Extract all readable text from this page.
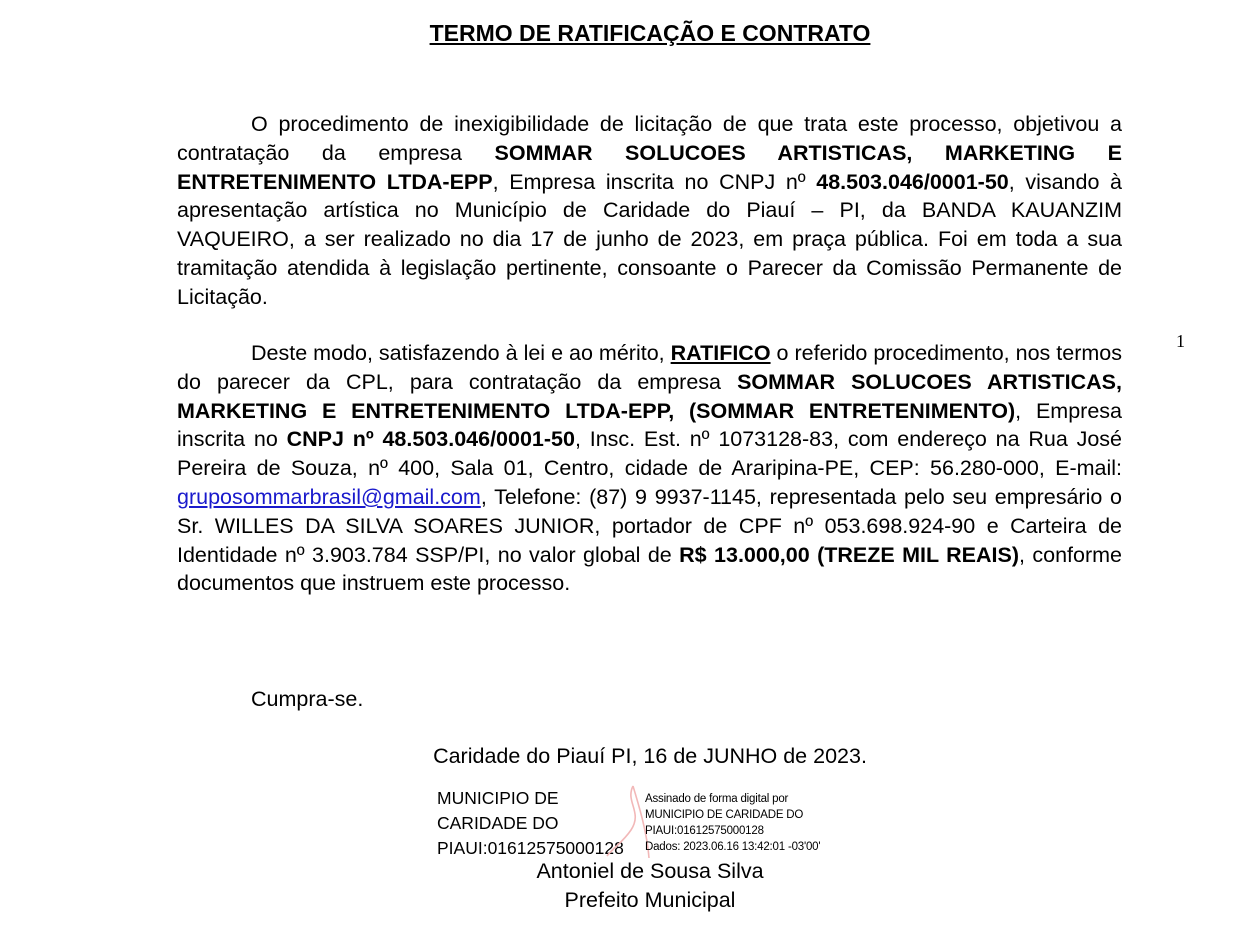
TERMO DE RATIFICAÇÃO E CONTRATO

O procedimento de inexigibilidade de licitação de que trata este processo, objetivou a contratação da empresa SOMMAR SOLUCOES ARTISTICAS, MARKETING E ENTRETENIMENTO LTDA-EPP, Empresa inscrita no CNPJ nº 48.503.046/0001-50, visando à apresentação artística no Município de Caridade do Piauí – PI, da BANDA KAUANZIM VAQUEIRO, a ser realizado no dia 17 de junho de 2023, em praça pública. Foi em toda a sua tramitação atendida à legislação pertinente, consoante o Parecer da Comissão Permanente de Licitação.

1

Deste modo, satisfazendo à lei e ao mérito, RATIFICO o referido procedimento, nos termos do parecer da CPL, para contratação da empresa SOMMAR SOLUCOES ARTISTICAS, MARKETING E ENTRETENIMENTO LTDA-EPP, (SOMMAR ENTRETENIMENTO), Empresa inscrita no CNPJ nº 48.503.046/0001-50, Insc. Est. nº 1073128-83, com endereço na Rua José Pereira de Souza, nº 400, Sala 01, Centro, cidade de Araripina-PE, CEP: 56.280-000, E-mail: gruposommarbrasil@gmail.com, Telefone: (87) 9 9937-1145, representada pelo seu empresário o Sr. WILLES DA SILVA SOARES JUNIOR, portador de CPF nº 053.698.924-90 e Carteira de Identidade nº 3.903.784 SSP/PI, no valor global de R$ 13.000,00 (TREZE MIL REAIS), conforme documentos que instruem este processo.

Cumpra-se.
Caridade do Piauí PI, 16 de JUNHO de 2023.
MUNICIPIO DE
CARIDADE DO
PIAUI:01612575000128
Assinado de forma digital por
MUNICIPIO DE CARIDADE DO
PIAUI:01612575000128
Dados: 2023.06.16 13:42:01 -03'00'
Antoniel de Sousa Silva
Prefeito Municipal
